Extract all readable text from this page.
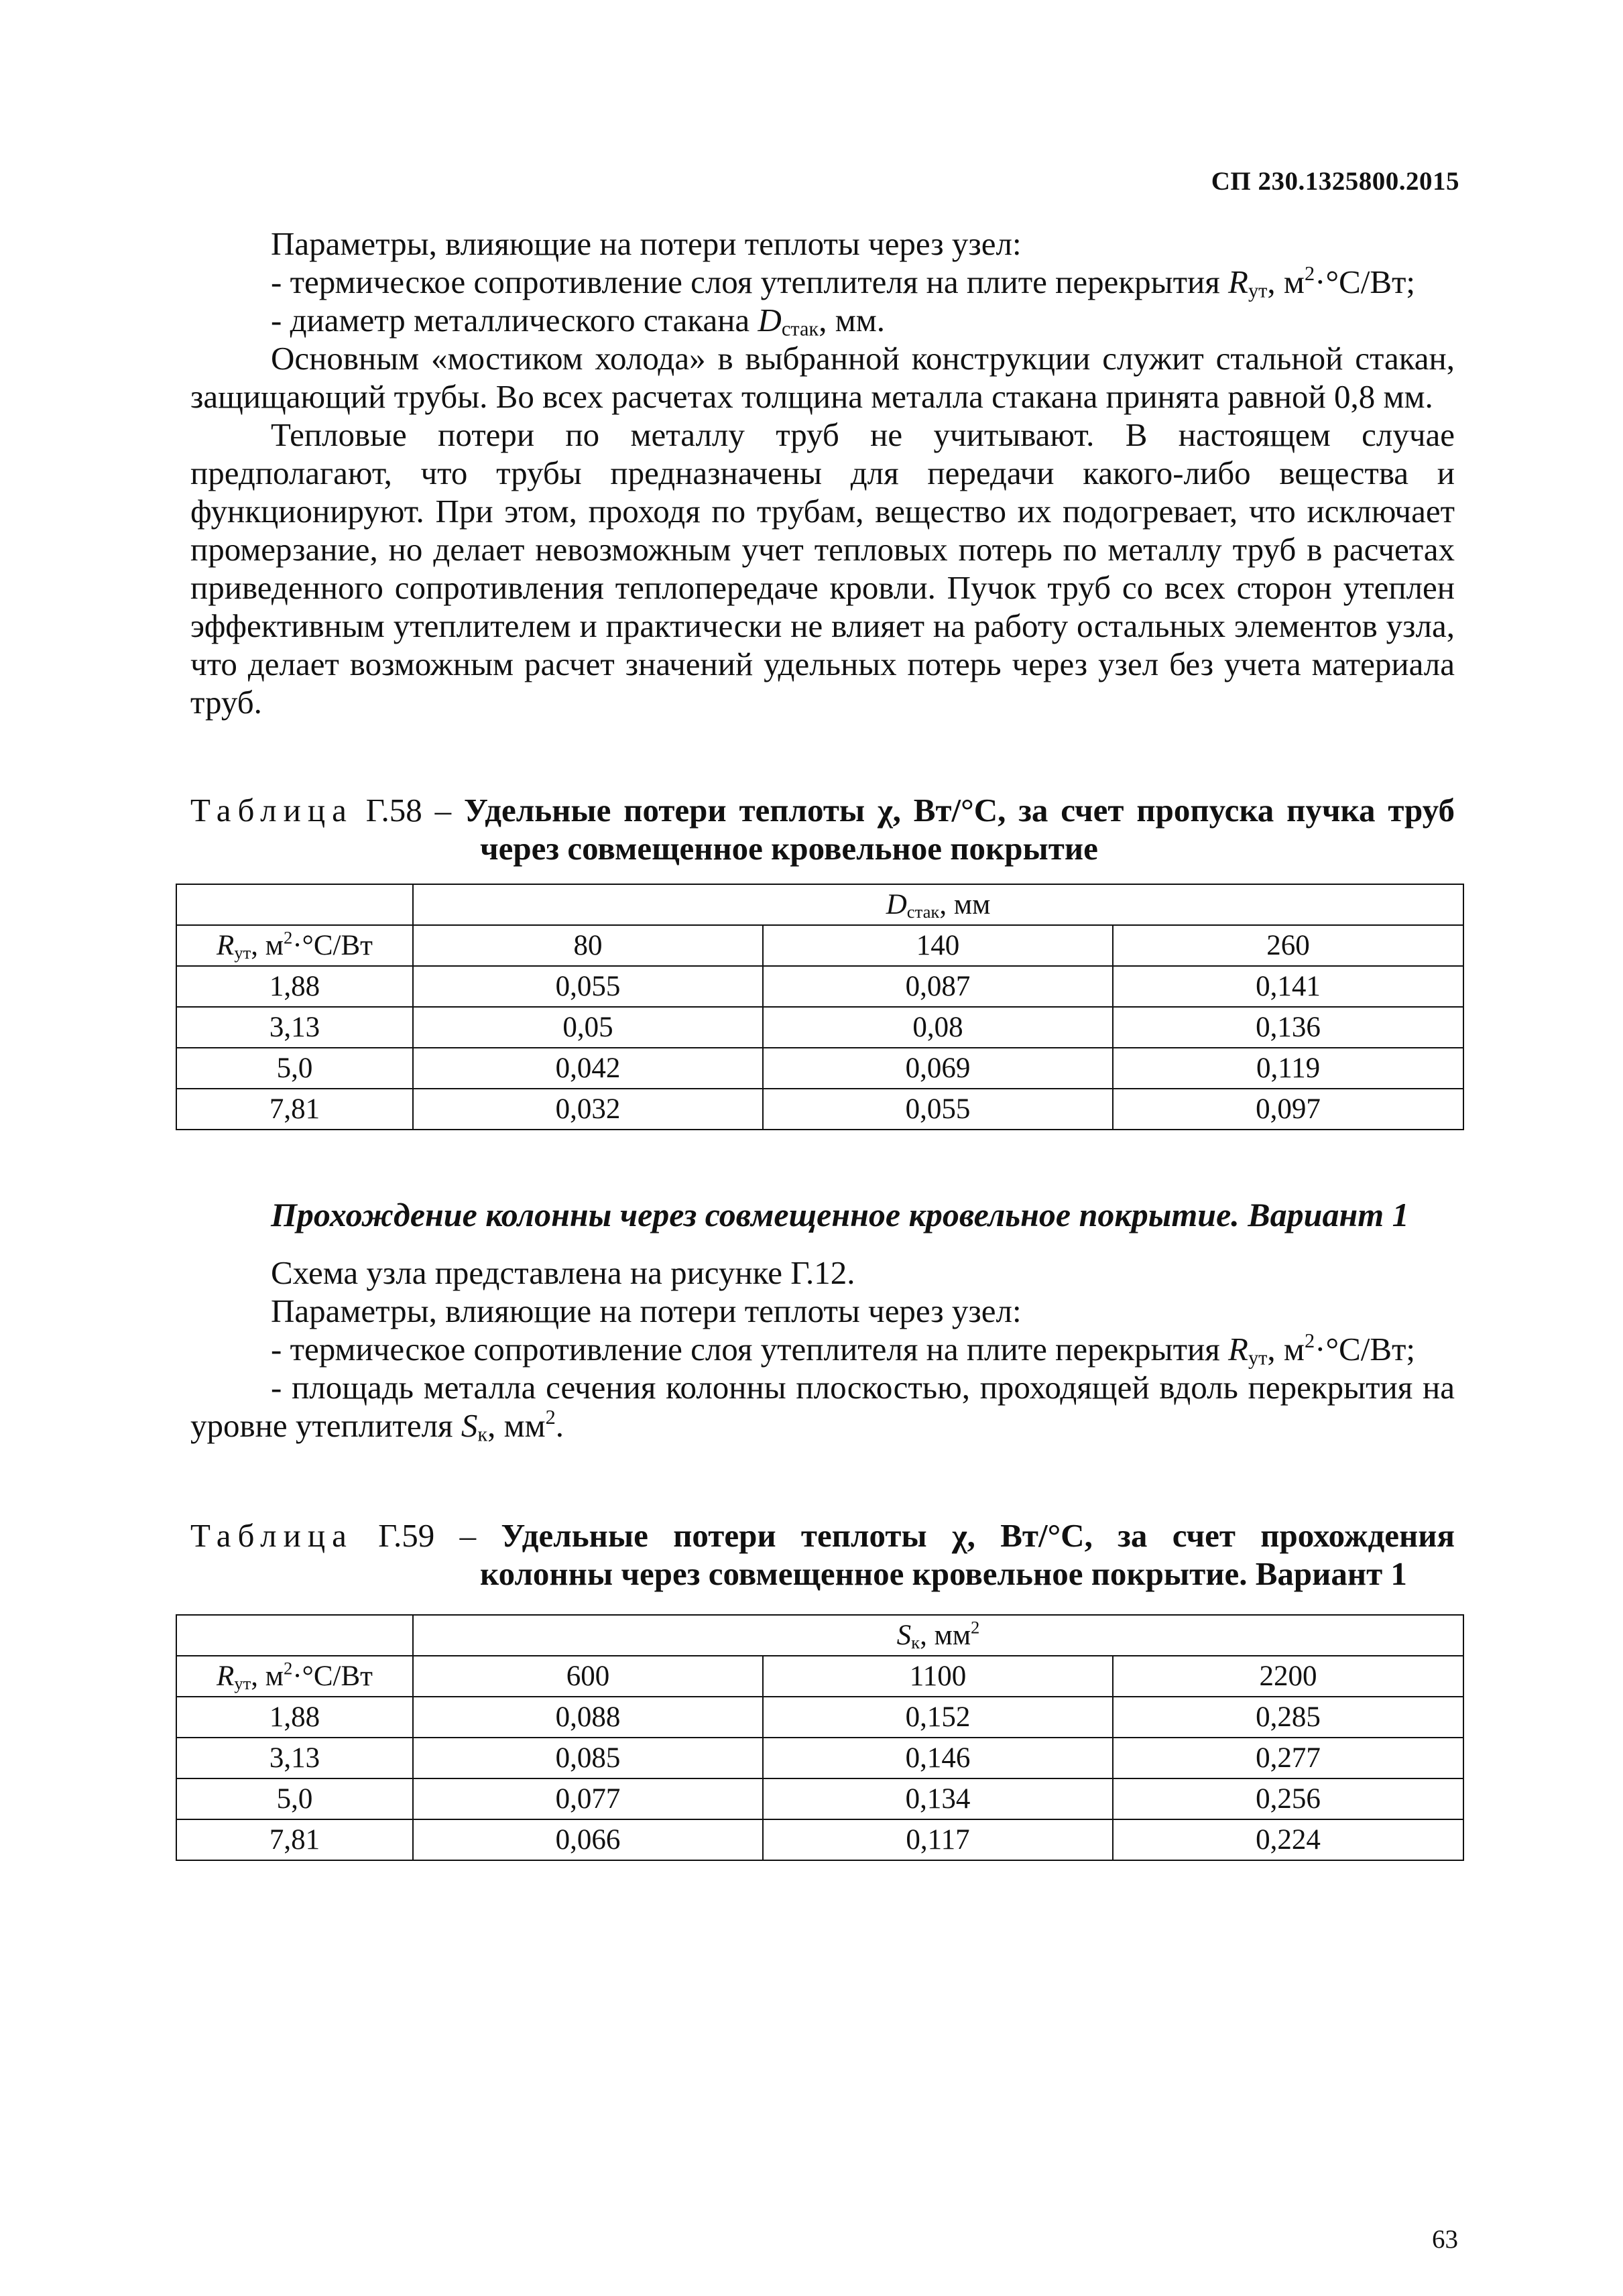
СП 230.1325800.2015

Параметры, влияющие на потери теплоты через узел:

- термическое сопротивление слоя утеплителя на плите перекрытия $R_{ут}$, $м^2\cdot^\circ С/Вт$;

- диаметр металлического стакана $D_{стак}$, мм.

Основным «мостиком холода» в выбранной конструкции служит стальной стакан, защищающий трубы. Во всех расчетах толщина металла стакана принята равной 0,8 мм.

Тепловые потери по металлу труб не учитывают. В настоящем случае предполагают, что трубы предназначены для передачи какого-либо вещества и функционируют. При этом, проходя по трубам, вещество их подогревает, что исключает промерзание, но делает невозможным учет тепловых потерь по металлу труб в расчетах приведенного сопротивления теплопередаче кровли. Пучок труб со всех сторон утеплен эффективным утеплителем и практически не влияет на работу остальных элементов узла, что делает возможным расчет значений удельных потерь через узел без учета материала труб.

Таблица Г.58 – Удельные потери теплоты χ, Вт/°С, за счет пропуска пучка труб
через совмещенное кровельное покрытие
	$D_{стак}$, мм		
$R_{ут}$, $м^2\cdot^\circ С/Вт$	80	140	260
1,88	0,055	0,087	0,141
3,13	0,05	0,08	0,136
5,0	0,042	0,069	0,119
7,81	0,032	0,055	0,097
Прохождение колонны через совмещенное кровельное покрытие. Вариант 1

Схема узла представлена на рисунке Г.12.

Параметры, влияющие на потери теплоты через узел:

- термическое сопротивление слоя утеплителя на плите перекрытия $R_{ут}$, $м^2\cdot^\circ С/Вт$;

- площадь металла сечения колонны плоскостью, проходящей вдоль перекрытия на уровне утеплителя $S_к$, $мм^2$.

Таблица Г.59 – Удельные потери теплоты χ, Вт/°С, за счет прохождения
колонны через совмещенное кровельное покрытие. Вариант 1
	$S_к$, $мм^2$
$R_{ут}$, $м^2\cdot^\circ С/Вт$	600	1100	2200
1,88	0,088	0,152	0,285
3,13	0,085	0,146	0,277
5,0	0,077	0,134	0,256
7,81	0,066	0,117	0,224
63
